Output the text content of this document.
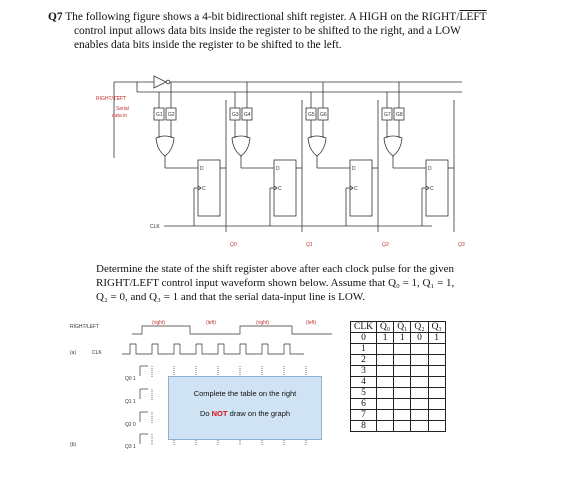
Q7 The following figure shows a 4-bit bidirectional shift register. A HIGH on the RIGHT/LEFT
control input allows data bits inside the register to be shifted to the right, and a LOW
enables data bits inside the register to be shifted to the left.
G1 G2
D
C
G3 G4
D
C
G5 G6
D
C
G7 G8
D
C
RIGHT/ LEFT
Serial
data in
CLK
Q0	Q1	Q2	Q3
Determine the state of the shift register above after each clock pulse for the given
RIGHT/LEFT control input waveform shown below. Assume that Q₀ = 1, Q₁ = 1,
Q₂ = 0, and Q₃ = 1 and that the serial data-input line is LOW.
RIGHT/LEFT
(right)	(left)	(right)	(left)
(a)	CLK
(b)
Q0 1
Q1 1
Q2 0
Q3 1
Complete the table on the right
Do NOT draw on the graph
CLK	Q₀	Q₁	Q₂	Q₃
0	1	1	0	1
1				
2				
3				
4				
5				
6				
7				
8				
